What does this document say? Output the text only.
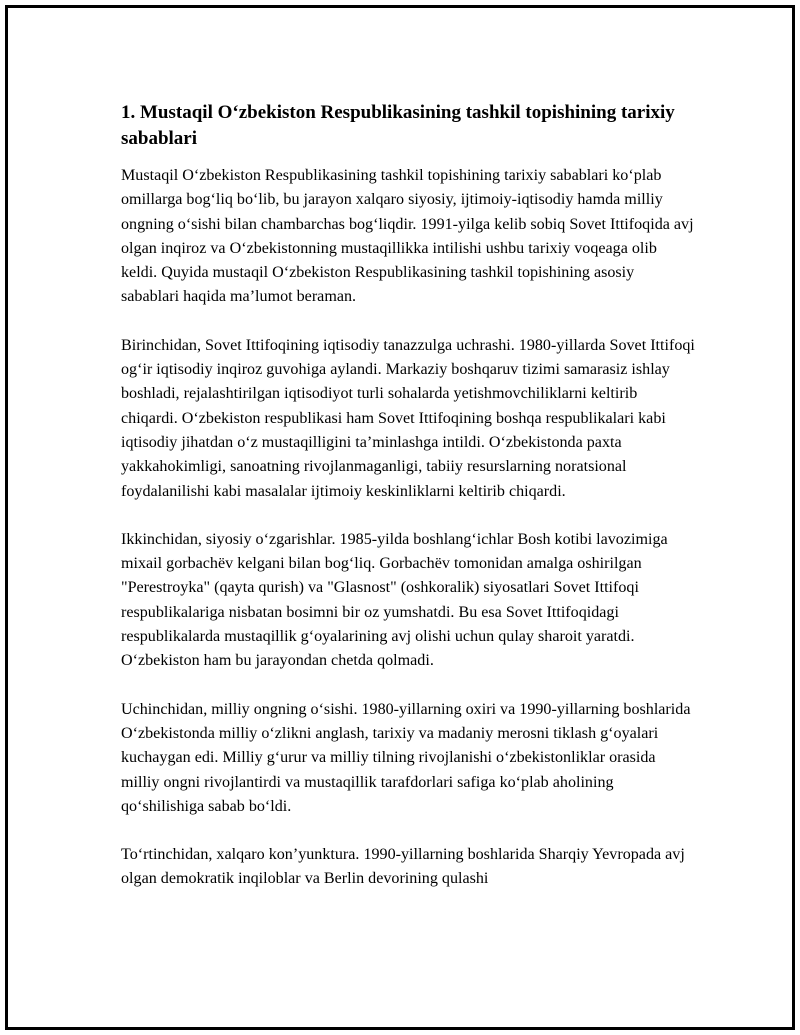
1. Mustaqil O‘zbekiston Respublikasining tashkil topishining tarixiy sabablari

Mustaqil O‘zbekiston Respublikasining tashkil topishining tarixiy sabablari ko‘plab omillarga bog‘liq bo‘lib, bu jarayon xalqaro siyosiy, ijtimoiy-iqtisodiy hamda milliy ongning o‘sishi bilan chambarchas bog‘liqdir. 1991-yilga kelib sobiq Sovet Ittifoqida avj olgan inqiroz va O‘zbekistonning mustaqillikka intilishi ushbu tarixiy voqeaga olib keldi. Quyida mustaqil O‘zbekiston Respublikasining tashkil topishining asosiy sabablari haqida ma’lumot beraman.

Birinchidan, Sovet Ittifoqining iqtisodiy tanazzulga uchrashi. 1980-yillarda Sovet Ittifoqi og‘ir iqtisodiy inqiroz guvohiga aylandi. Markaziy boshqaruv tizimi samarasiz ishlay boshladi, rejalashtirilgan iqtisodiyot turli sohalarda yetishmovchiliklarni keltirib chiqardi. O‘zbekiston respublikasi ham Sovet Ittifoqining boshqa respublikalari kabi iqtisodiy jihatdan o‘z mustaqilligini ta’minlashga intildi. O‘zbekistonda paxta yakkahokimligi, sanoatning rivojlanmaganligi, tabiiy resurslarning noratsional foydalanilishi kabi masalalar ijtimoiy keskinliklarni keltirib chiqardi.

Ikkinchidan, siyosiy o‘zgarishlar. 1985-yilda boshlang‘ichlar Bosh kotibi lavozimiga mixail gorbachëv kelgani bilan bog‘liq. Gorbachëv tomonidan amalga oshirilgan "Perestroyka" (qayta qurish) va "Glasnost" (oshkoralik) siyosatlari Sovet Ittifoqi respublikalariga nisbatan bosimni bir oz yumshatdi. Bu esa Sovet Ittifoqidagi respublikalarda mustaqillik g‘oyalarining avj olishi uchun qulay sharoit yaratdi. O‘zbekiston ham bu jarayondan chetda qolmadi.

Uchinchidan, milliy ongning o‘sishi. 1980-yillarning oxiri va 1990-yillarning boshlarida O‘zbekistonda milliy o‘zlikni anglash, tarixiy va madaniy merosni tiklash g‘oyalari kuchaygan edi. Milliy g‘urur va milliy tilning rivojlanishi o‘zbekistonliklar orasida milliy ongni rivojlantirdi va mustaqillik tarafdorlari safiga ko‘plab aholining qo‘shilishiga sabab bo‘ldi.

To‘rtinchidan, xalqaro kon’yunktura. 1990-yillarning boshlarida Sharqiy Yevropada avj olgan demokratik inqiloblar va Berlin devorining qulashi
